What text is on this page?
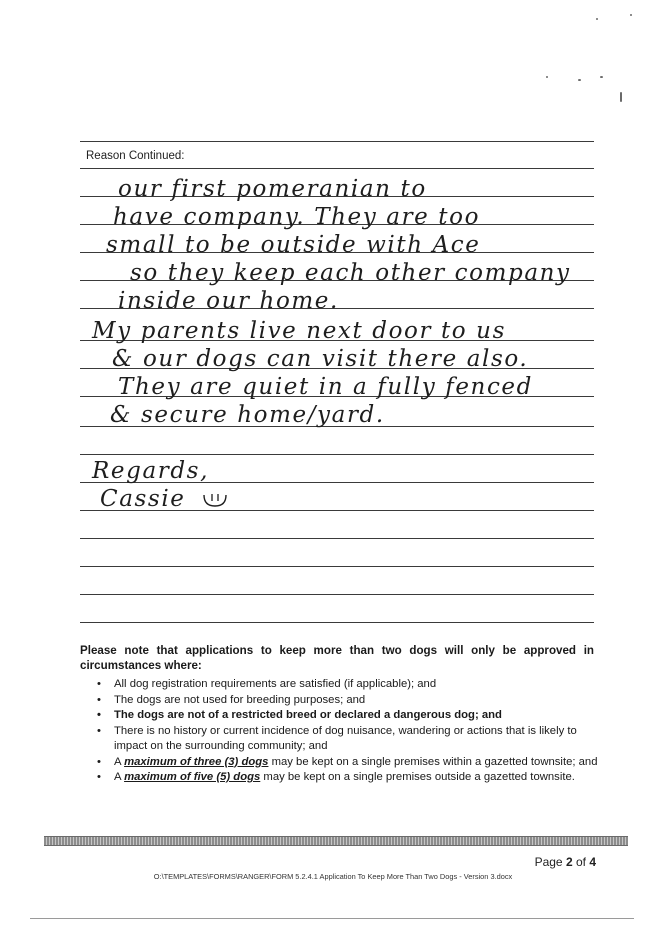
Reason Continued:
our first pomeranian to
have company. They are too
small to be outside with Ace
so they keep each other company
inside our home.
My parents live next door to us
& our dogs can visit there also.
They are quiet in a fully fenced
& secure home/yard.
Regards,
Cassie
Please note that applications to keep more than two dogs will only be approved in circumstances where:
• All dog registration requirements are satisfied (if applicable); and
• The dogs are not used for breeding purposes; and
• The dogs are not of a restricted breed or declared a dangerous dog; and
• There is no history or current incidence of dog nuisance, wandering or actions that is likely to impact on the surrounding community; and
• A maximum of three (3) dogs may be kept on a single premises within a gazetted townsite; and
• A maximum of five (5) dogs may be kept on a single premises outside a gazetted townsite.
Page 2 of 4
O:\TEMPLATES\FORMS\RANGER\FORM 5.2.4.1 Application To Keep More Than Two Dogs - Version 3.docx
